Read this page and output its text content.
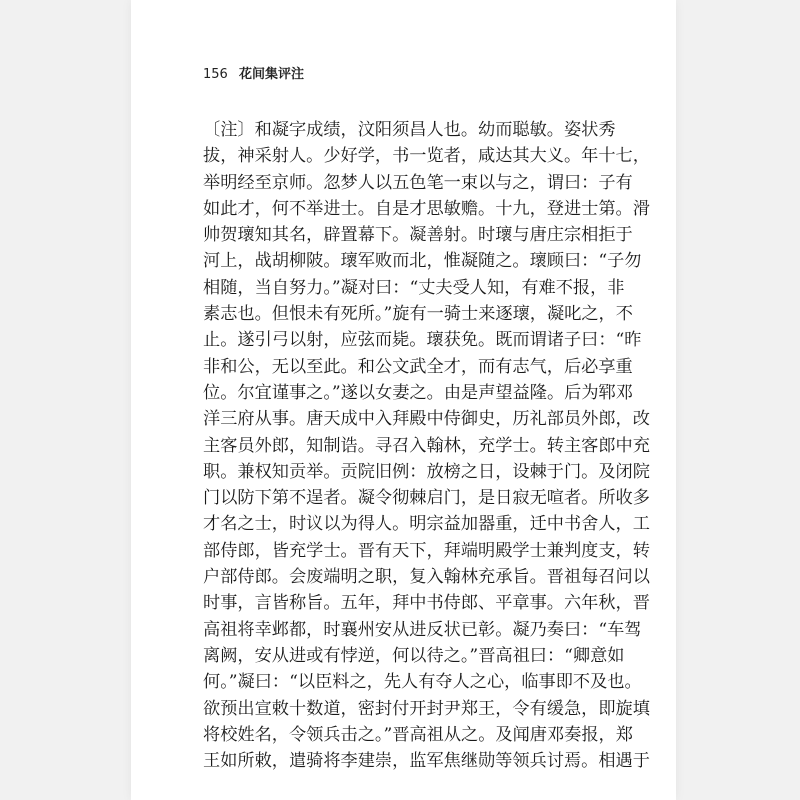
156 花间集评注
〔注〕和凝字成绩，汶阳须昌人也。幼而聪敏。姿状秀
拔，神采射人。少好学，书一览者，咸达其大义。年十七，
举明经至京师。忽梦人以五色笔一束以与之，谓曰：子有
如此才，何不举进士。自是才思敏赡。十九，登进士第。滑
帅贺瓌知其名，辟置幕下。凝善射。时瓌与唐庄宗相拒于
河上，战胡柳陂。瓌军败而北，惟凝随之。瓌顾曰：“子勿
相随，当自努力。”凝对曰：“丈夫受人知，有难不报，非
素志也。但恨未有死所。”旋有一骑士来逐瓌，凝叱之，不
止。遂引弓以射，应弦而毙。瓌获免。既而谓诸子曰：“昨
非和公，无以至此。和公文武全才，而有志气，后必享重
位。尔宜谨事之。”遂以女妻之。由是声望益隆。后为郓邓
洋三府从事。唐天成中入拜殿中侍御史，历礼部员外郎，改
主客员外郎，知制诰。寻召入翰林，充学士。转主客郎中充
职。兼权知贡举。贡院旧例：放榜之日，设棘于门。及闭院
门以防下第不逞者。凝令彻棘启门，是日寂无喧者。所收多
才名之士，时议以为得人。明宗益加器重，迁中书舍人，工
部侍郎，皆充学士。晋有天下，拜端明殿学士兼判度支，转
户部侍郎。会废端明之职，复入翰林充承旨。晋祖每召问以
时事，言皆称旨。五年，拜中书侍郎、平章事。六年秋，晋
高祖将幸邺都，时襄州安从进反状已彰。凝乃奏曰：“车驾
离阙，安从进或有悖逆，何以待之。”晋高祖曰：“卿意如
何。”凝曰：“以臣料之，先人有夺人之心，临事即不及也。
欲预出宣敕十数道，密封付开封尹郑王，令有缓急，即旋填
将校姓名，令领兵击之。”晋高祖从之。及闻唐邓奏报，郑
王如所敕，遣骑将李建崇，监军焦继勋等领兵讨焉。相遇于
